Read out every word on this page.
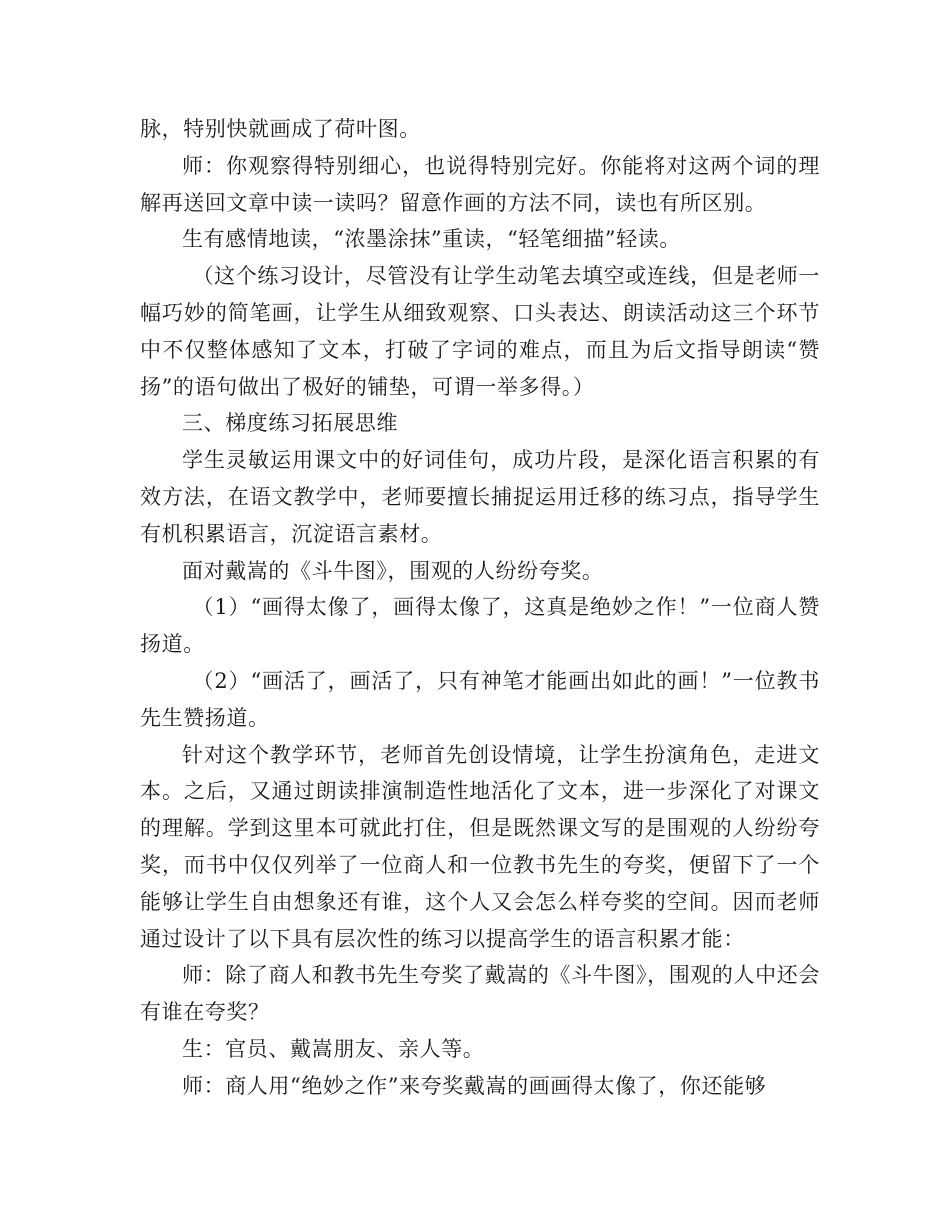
脉，特别快就画成了荷叶图。

师：你观察得特别细心，也说得特别完好。你能将对这两个词的理解再送回文章中读一读吗？留意作画的方法不同，读也有所区别。

生有感情地读，“浓墨涂抹”重读，“轻笔细描”轻读。

（这个练习设计，尽管没有让学生动笔去填空或连线，但是老师一幅巧妙的简笔画，让学生从细致观察、口头表达、朗读活动这三个环节中不仅整体感知了文本，打破了字词的难点，而且为后文指导朗读“赞扬”的语句做出了极好的铺垫，可谓一举多得。）

三、梯度练习拓展思维

学生灵敏运用课文中的好词佳句，成功片段，是深化语言积累的有效方法，在语文教学中，老师要擅长捕捉运用迁移的练习点，指导学生有机积累语言，沉淀语言素材。

面对戴嵩的《斗牛图》，围观的人纷纷夸奖。

（1）“画得太像了，画得太像了，这真是绝妙之作！”一位商人赞扬道。

（2）“画活了，画活了，只有神笔才能画出如此的画！”一位教书先生赞扬道。

针对这个教学环节，老师首先创设情境，让学生扮演角色，走进文本。之后，又通过朗读排演制造性地活化了文本，进一步深化了对课文的理解。学到这里本可就此打住，但是既然课文写的是围观的人纷纷夸奖，而书中仅仅列举了一位商人和一位教书先生的夸奖，便留下了一个能够让学生自由想象还有谁，这个人又会怎么样夸奖的空间。因而老师通过设计了以下具有层次性的练习以提高学生的语言积累才能：

师：除了商人和教书先生夸奖了戴嵩的《斗牛图》，围观的人中还会有谁在夸奖？

生：官员、戴嵩朋友、亲人等。

师：商人用“绝妙之作”来夸奖戴嵩的画画得太像了，你还能够
